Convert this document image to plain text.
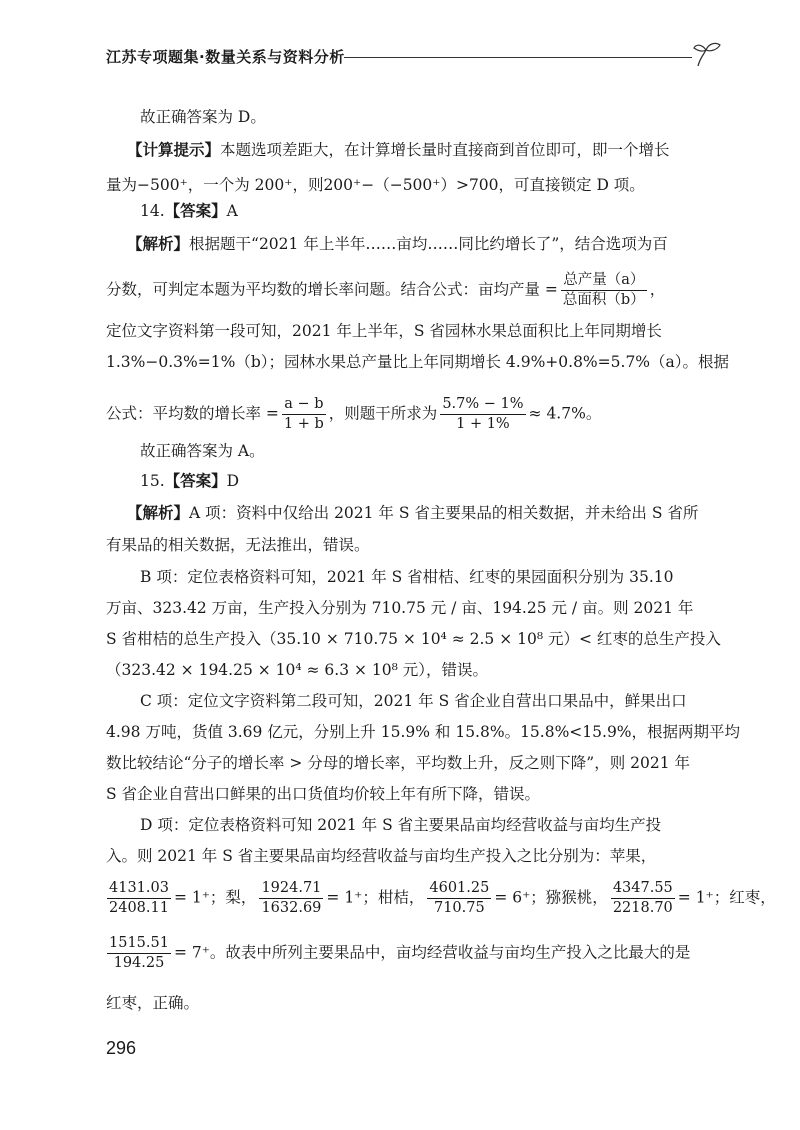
江苏专项题集·数量关系与资料分析
故正确答案为 D。
【计算提示】本题选项差距大，在计算增长量时直接商到首位即可，即一个增长
量为−500⁺，一个为 200⁺，则200⁺−（−500⁺）>700，可直接锁定 D 项。
14.【答案】A
【解析】根据题干“2021 年上半年……亩均……同比约增长了”，结合选项为百
分数，可判定本题为平均数的增长率问题。结合公式：亩均产量 = $\frac{\text{总产量（a）}}{\text{总面积（b）}}$ ，
定位文字资料第一段可知，2021 年上半年，S 省园林水果总面积比上年同期增长
1.3%−0.3%=1%（b）；园林水果总产量比上年同期增长 4.9%+0.8%=5.7%（a）。根据
公式：平均数的增长率 = $\frac{a - b}{1 + b}$ ，则题干所求为 $\frac{5.7\% - 1\%}{1 + 1\%} \approx 4.7\%$。
故正确答案为 A。
15.【答案】D
【解析】A 项：资料中仅给出 2021 年 S 省主要果品的相关数据，并未给出 S 省所
有果品的相关数据，无法推出，错误。
B 项：定位表格资料可知，2021 年 S 省柑桔、红枣的果园面积分别为 35.10
万亩、323.42 万亩，生产投入分别为 710.75 元 / 亩、194.25 元 / 亩。则 2021 年
S 省柑桔的总生产投入（35.10 × 710.75 × 10⁴ ≈ 2.5 × 10⁸ 元）< 红枣的总生产投入
（323.42 × 194.25 × 10⁴ ≈ 6.3 × 10⁸ 元），错误。
C 项：定位文字资料第二段可知，2021 年 S 省企业自营出口果品中，鲜果出口
4.98 万吨，货值 3.69 亿元，分别上升 15.9% 和 15.8%。15.8%<15.9%，根据两期平均
数比较结论“分子的增长率 > 分母的增长率，平均数上升，反之则下降”，则 2021 年
S 省企业自营出口鲜果的出口货值均价较上年有所下降，错误。
D 项：定位表格资料可知 2021 年 S 省主要果品亩均经营收益与亩均生产投
入。则 2021 年 S 省主要果品亩均经营收益与亩均生产投入之比分别为：苹果，
$\frac{4131.03}{2408.11} = 1^+$；梨， $\frac{1924.71}{1632.69} = 1^+$；柑桔， $\frac{4601.25}{710.75} = 6^+$；猕猴桃， $\frac{4347.55}{2218.70} = 1^+$；红枣，
$\frac{1515.51}{194.25} = 7^+$。故表中所列主要果品中，亩均经营收益与亩均生产投入之比最大的是
红枣，正确。
296
